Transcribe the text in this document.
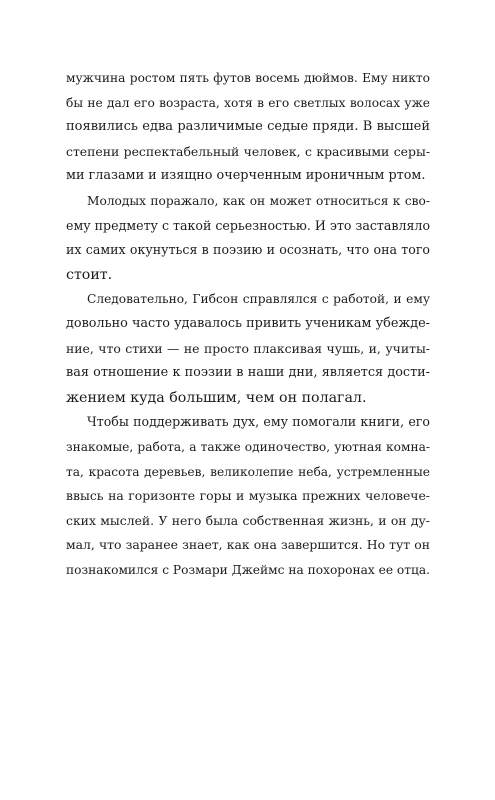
мужчина ростом пять футов восемь дюймов. Ему никто
бы не дал его возраста, хотя в его светлых волосах уже
появились едва различимые седые пряди. В высшей
степени респектабельный человек, с красивыми серы-
ми глазами и изящно очерченным ироничным ртом.
Молодых поражало, как он может относиться к сво-
ему предмету с такой серьезностью. И это заставляло
их самих окунуться в поэзию и осознать, что она того
стоит.
Следовательно, Гибсон справлялся с работой, и ему
довольно часто удавалось привить ученикам убежде-
ние, что стихи — не просто плаксивая чушь, и, учиты-
вая отношение к поэзии в наши дни, является дости-
жением куда большим, чем он полагал.
Чтобы поддерживать дух, ему помогали книги, его
знакомые, работа, а также одиночество, уютная комна-
та, красота деревьев, великолепие неба, устремленные
ввысь на горизонте горы и музыка прежних человече-
ских мыслей. У него была собственная жизнь, и он ду-
мал, что заранее знает, как она завершится. Но тут он
познакомился с Розмари Джеймс на похоронах ее отца.
